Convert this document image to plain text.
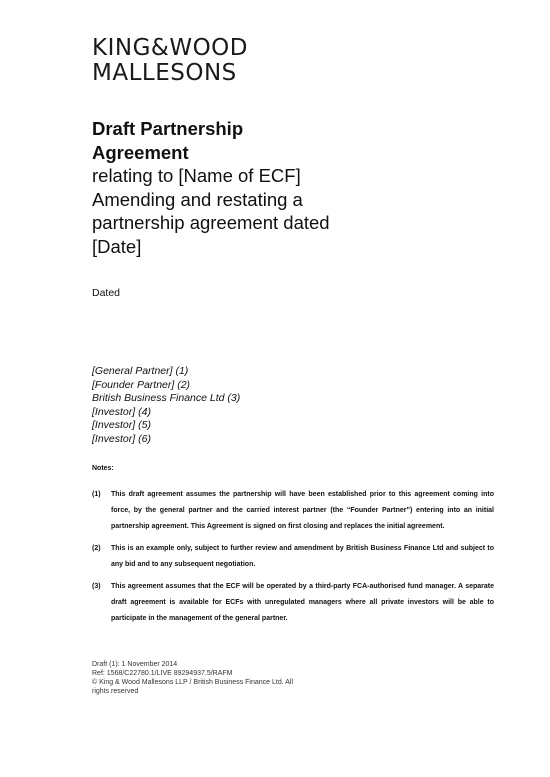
KING&WOOD
MALLESONS
Draft Partnership
Agreement
relating to [Name of ECF]
Amending and restating a
partnership agreement dated
[Date]
Dated
[General Partner] (1)
[Founder Partner] (2)
British Business Finance Ltd (3)
[Investor] (4)
[Investor] (5)
[Investor] (6)
Notes:
(1) This draft agreement assumes the partnership will have been established prior to this agreement coming into force, by the general partner and the carried interest partner (the “Founder Partner”) entering into an initial partnership agreement. This Agreement is signed on first closing and replaces the initial agreement.
(2) This is an example only, subject to further review and amendment by British Business Finance Ltd and subject to any bid and to any subsequent negotiation.
(3) This agreement assumes that the ECF will be operated by a third-party FCA-authorised fund manager. A separate draft agreement is available for ECFs with unregulated managers where all private investors will be able to participate in the management of the general partner.
Draft (1): 1 November 2014
Ref: 1568/C22780.1/LIVE 89294937.5/RAFM
© King & Wood Mallesons LLP / British Business Finance Ltd. All rights reserved
